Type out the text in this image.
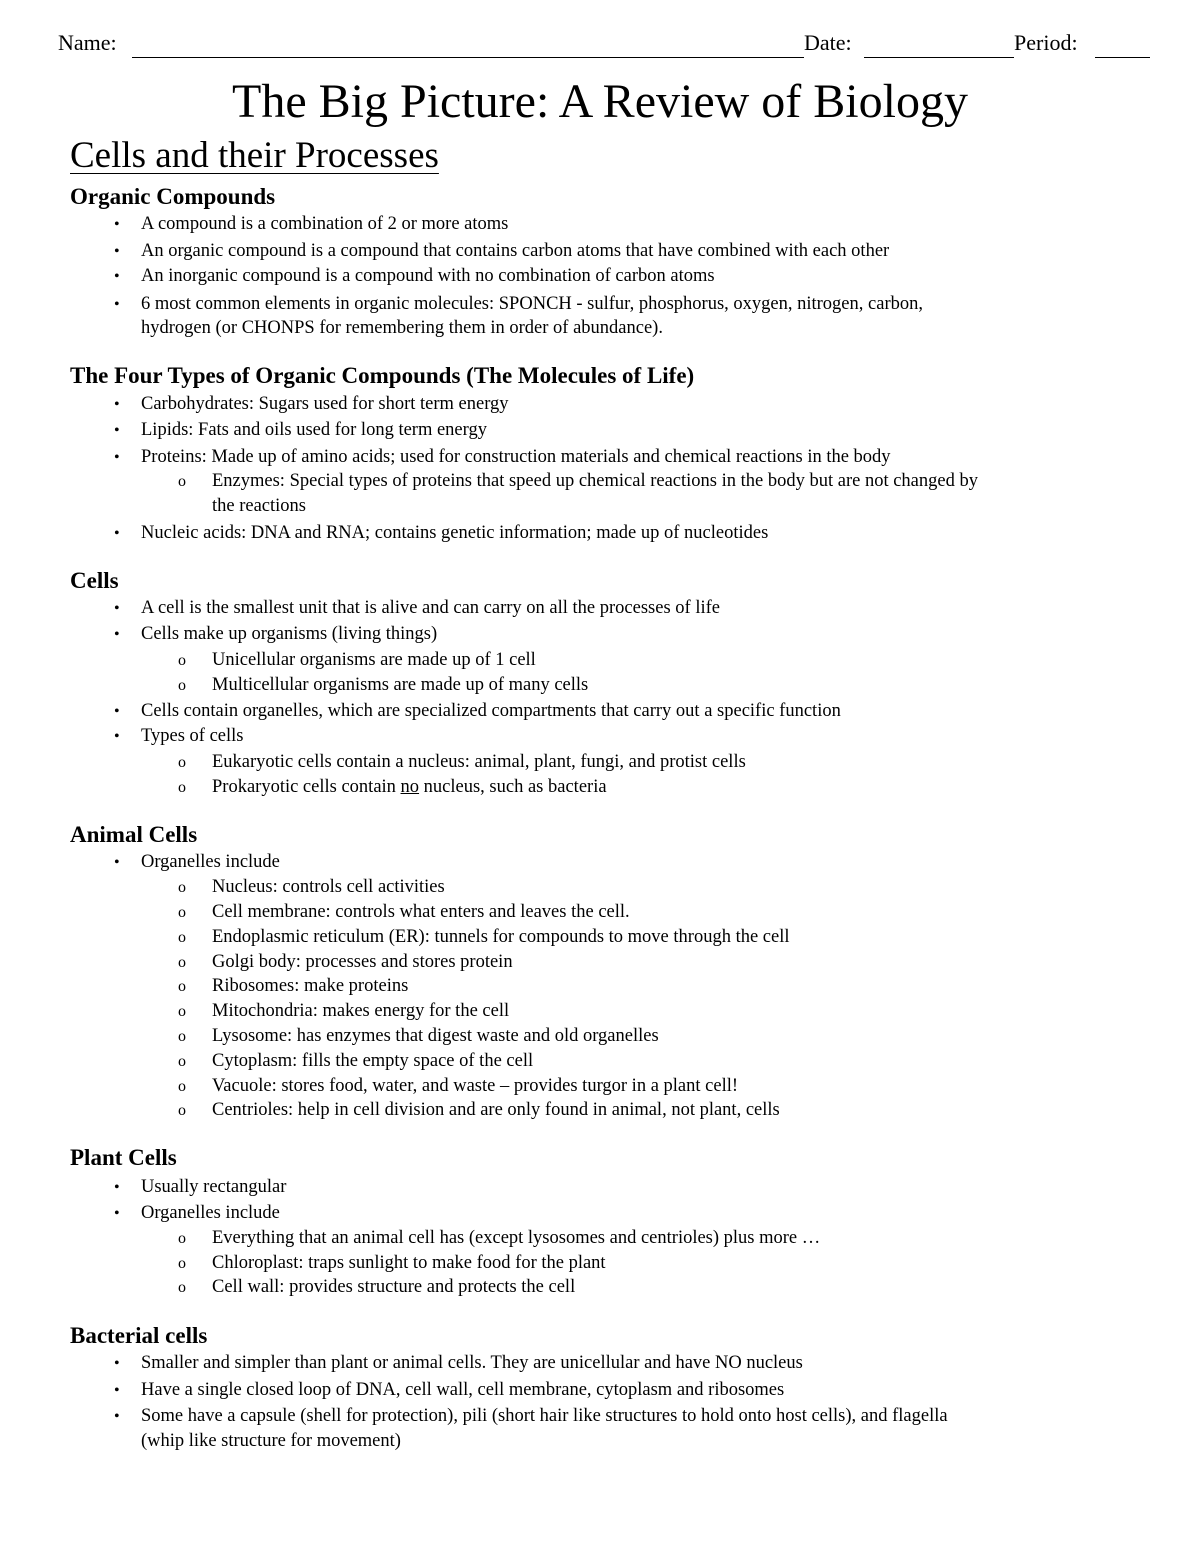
Name:	Date:	Period:
The Big Picture: A Review of Biology
Cells and their Processes
Organic Compounds
• A compound is a combination of 2 or more atoms
• An organic compound is a compound that contains carbon atoms that have combined with each other
• An inorganic compound is a compound with no combination of carbon atoms
• 6 most common elements in organic molecules: SPONCH - sulfur, phosphorus, oxygen, nitrogen, carbon,
hydrogen (or CHONPS for remembering them in order of abundance).
The Four Types of Organic Compounds (The Molecules of Life)
• Carbohydrates: Sugars used for short term energy
• Lipids: Fats and oils used for long term energy
• Proteins: Made up of amino acids; used for construction materials and chemical reactions in the body
o Enzymes: Special types of proteins that speed up chemical reactions in the body but are not changed by
the reactions
• Nucleic acids: DNA and RNA; contains genetic information; made up of nucleotides
Cells
• A cell is the smallest unit that is alive and can carry on all the processes of life
• Cells make up organisms (living things)
o Unicellular organisms are made up of 1 cell
o Multicellular organisms are made up of many cells
• Cells contain organelles, which are specialized compartments that carry out a specific function
• Types of cells
o Eukaryotic cells contain a nucleus: animal, plant, fungi, and protist cells
o Prokaryotic cells contain no nucleus, such as bacteria
Animal Cells
• Organelles include
o Nucleus: controls cell activities
o Cell membrane: controls what enters and leaves the cell.
o Endoplasmic reticulum (ER): tunnels for compounds to move through the cell
o Golgi body: processes and stores protein
o Ribosomes: make proteins
o Mitochondria: makes energy for the cell
o Lysosome: has enzymes that digest waste and old organelles
o Cytoplasm: fills the empty space of the cell
o Vacuole: stores food, water, and waste – provides turgor in a plant cell!
o Centrioles: help in cell division and are only found in animal, not plant, cells
Plant Cells
• Usually rectangular
• Organelles include
o Everything that an animal cell has (except lysosomes and centrioles) plus more …
o Chloroplast: traps sunlight to make food for the plant
o Cell wall: provides structure and protects the cell
Bacterial cells
• Smaller and simpler than plant or animal cells. They are unicellular and have NO nucleus
• Have a single closed loop of DNA, cell wall, cell membrane, cytoplasm and ribosomes
• Some have a capsule (shell for protection), pili (short hair like structures to hold onto host cells), and flagella
(whip like structure for movement)
